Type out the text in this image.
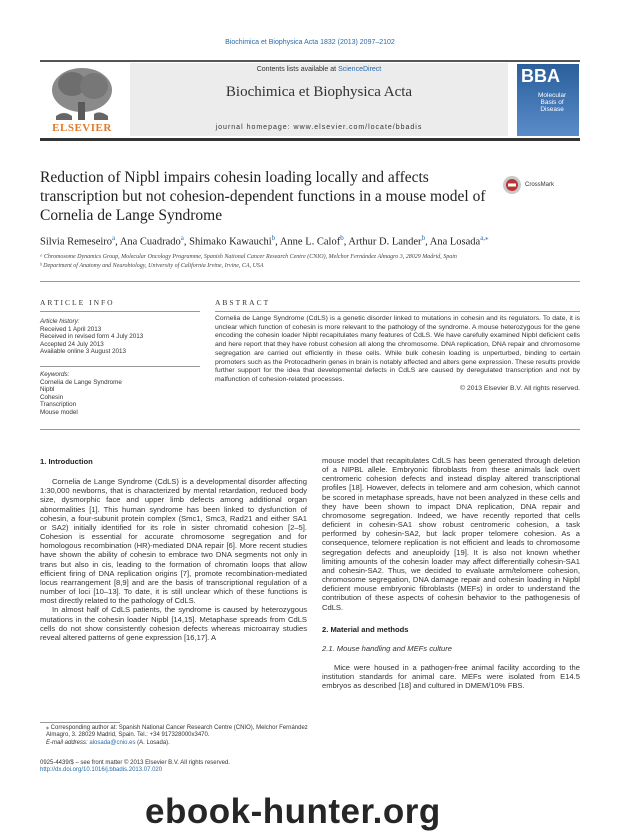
Biochimica et Biophysica Acta 1832 (2013) 2097–2102
Contents lists available at ScienceDirect
Biochimica et Biophysica Acta
journal homepage: www.elsevier.com/locate/bbadis
ELSEVIER
BBA
Molecular
Basis of
Disease
Reduction of Nipbl impairs cohesin loading locally and affects transcription but not cohesion-dependent functions in a mouse model of Cornelia de Lange Syndrome
CrossMark
Silvia Remeseiro$^a$, Ana Cuadrado$^a$, Shimako Kawauchi$^b$, Anne L. Calof$^b$, Arthur D. Lander$^b$, Ana Losada$^{a,⁎}$
ᵃ Chromosome Dynamics Group, Molecular Oncology Programme, Spanish National Cancer Research Centre (CNIO), Melchor Fernández Almagro 3, 28029 Madrid, Spain
ᵇ Department of Anatomy and Neurobiology, University of California Irvine, Irvine, CA, USA
ARTICLE INFO
Article history:
Received 1 April 2013
Received in revised form 4 July 2013
Accepted 24 July 2013
Available online 3 August 2013
Keywords:
Cornelia de Lange Syndrome
Nipbl
Cohesin
Transcription
Mouse model
ABSTRACT
Cornelia de Lange Syndrome (CdLS) is a genetic disorder linked to mutations in cohesin and its regulators. To date, it is unclear which function of cohesin is more relevant to the pathology of the syndrome. A mouse heterozygous for the gene encoding the cohesin loader Nipbl recapitulates many features of CdLS. We have carefully examined Nipbl deficient cells and here report that they have robust cohesion all along the chromosome. DNA replication, DNA repair and chromosome segregation are carried out efficiently in these cells. While bulk cohesin loading is unperturbed, binding to certain promoters such as the Protocadherin genes in brain is notably affected and alters gene expression. These results provide further support for the idea that developmental defects in CdLS are caused by deregulated transcription and not by malfunction of cohesion-related processes.
© 2013 Elsevier B.V. All rights reserved.
1. Introduction

Cornelia de Lange Syndrome (CdLS) is a developmental disorder affecting 1:30,000 newborns, that is characterized by mental retardation, reduced body size, dysmorphic face and upper limb defects among additional organ abnormalities [1]. This human syndrome has been linked to dysfunction of cohesin, a four-subunit protein complex (Smc1, Smc3, Rad21 and either SA1 or SA2) initially identified for its role in sister chromatid cohesion [2–5]. Cohesion is essential for accurate chromosome segregation and for homologous recombination (HR)-mediated DNA repair [6]. More recent studies have shown the ability of cohesin to embrace two DNA segments not only in trans but also in cis, leading to the formation of chromatin loops that allow efficient firing of DNA replication origins [7], promote recombination-mediated locus rearrangement [8,9] and are the basis of transcriptional regulation of a number of loci [10–13]. To date, it is still unclear which of these functions is most directly related to the pathology of CdLS.

In almost half of CdLS patients, the syndrome is caused by heterozygous mutations in the cohesin loader Nipbl [14,15]. Metaphase spreads from CdLS cells do not show consistently cohesion defects whereas microarray studies reveal altered patterns of gene expression [16,17]. A

mouse model that recapitulates CdLS has been generated through deletion of a NIPBL allele. Embryonic fibroblasts from these animals lack overt centromeric cohesion defects and instead display altered transcriptional profiles [18]. However, defects in telomere and arm cohesion, which cannot be scored in metaphase spreads, have not been analyzed in these cells and they have been shown to impact DNA replication, DNA repair and chromosome segregation. Indeed, we have recently reported that cells deficient in cohesin-SA1 show robust centromeric cohesion, a task performed by cohesin-SA2, but lack proper telomere cohesion. As a consequence, telomere replication is not efficient and leads to chromosome segregation defects and aneuploidy [19]. It is also not known whether limiting amounts of the cohesin loader may affect differentially cohesin-SA1 and cohesin-SA2. Thus, we decided to evaluate arm/telomere cohesion, chromosome segregation, DNA damage repair and cohesin loading in Nipbl deficient mouse embryonic fibroblasts (MEFs) in order to understand the contribution of these aspects of cohesin behavior to the pathogenesis of CdLS.

2. Material and methods
2.1. Mouse handling and MEFs culture

Mice were housed in a pathogen-free animal facility according to the institution standards for animal care. MEFs were isolated from E14.5 embryos as described [18] and cultured in DMEM/10% FBS.

⁎ Corresponding author at: Spanish National Cancer Research Centre (CNIO), Melchor Fernández Almagro, 3. 28029 Madrid, Spain. Tel.: +34 917328000x3470.
E-mail address: alosada@cnio.es (A. Losada).
0925-4439/$ – see front matter © 2013 Elsevier B.V. All rights reserved.
http://dx.doi.org/10.1016/j.bbadis.2013.07.020
ebook-hunter.org
